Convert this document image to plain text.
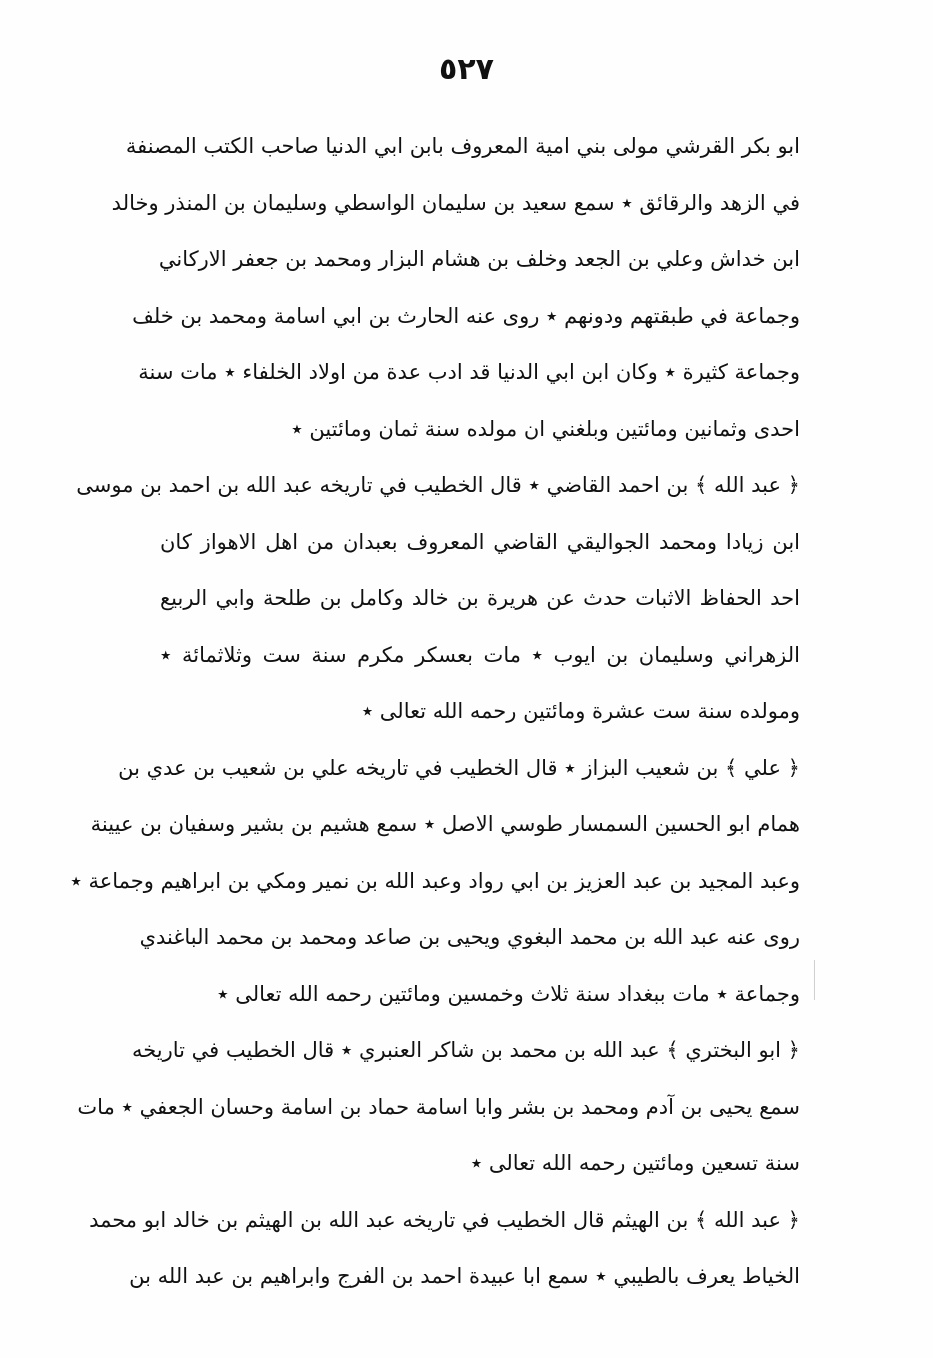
٥٢٧
ابو بكر القرشي مولى بني امية المعروف بابن ابي الدنيا صاحب الكتب المصنفة
في الزهد والرقائق ٭ سمع سعيد بن سليمان الواسطي وسليمان بن المنذر وخالد
ابن خداش وعلي بن الجعد وخلف بن هشام البزار ومحمد بن جعفر الاركاني
وجماعة في طبقتهم ودونهم ٭ روى عنه الحارث بن ابي اسامة ومحمد بن خلف
وجماعة كثيرة ٭ وكان ابن ابي الدنيا قد ادب عدة من اولاد الخلفاء ٭ مات سنة
احدى وثمانين ومائتين وبلغني ان مولده سنة ثمان ومائتين ٭
﴿ عبد الله ﴾ بن احمد القاضي ٭ قال الخطيب في تاريخه عبد الله بن احمد بن موسى
ابن زيادا ومحمد الجواليقي القاضي المعروف بعبدان من اهل الاهواز كان
احد الحفاظ الاثبات حدث عن هريرة بن خالد وكامل بن طلحة وابي الربيع
الزهراني وسليمان بن ايوب ٭ مات بعسكر مكرم سنة ست وثلاثمائة ٭
ومولده سنة ست عشرة ومائتين رحمه الله تعالى ٭
﴿ علي ﴾ بن شعيب البزاز ٭ قال الخطيب في تاريخه علي بن شعيب بن عدي بن
همام ابو الحسين السمسار طوسي الاصل ٭ سمع هشيم بن بشير وسفيان بن عيينة
وعبد المجيد بن عبد العزيز بن ابي رواد وعبد الله بن نمير ومكي بن ابراهيم وجماعة ٭
روى عنه عبد الله بن محمد البغوي ويحيى بن صاعد ومحمد بن محمد الباغندي
وجماعة ٭ مات ببغداد سنة ثلاث وخمسين ومائتين رحمه الله تعالى ٭
﴿ ابو البختري ﴾ عبد الله بن محمد بن شاكر العنبري ٭ قال الخطيب في تاريخه
سمع يحيى بن آدم ومحمد بن بشر وابا اسامة حماد بن اسامة وحسان الجعفي ٭ مات
سنة تسعين ومائتين رحمه الله تعالى ٭
﴿ عبد الله ﴾ بن الهيثم قال الخطيب في تاريخه عبد الله بن الهيثم بن خالد ابو محمد
الخياط يعرف بالطيبي ٭ سمع ابا عبيدة احمد بن الفرج وابراهيم بن عبد الله بن
